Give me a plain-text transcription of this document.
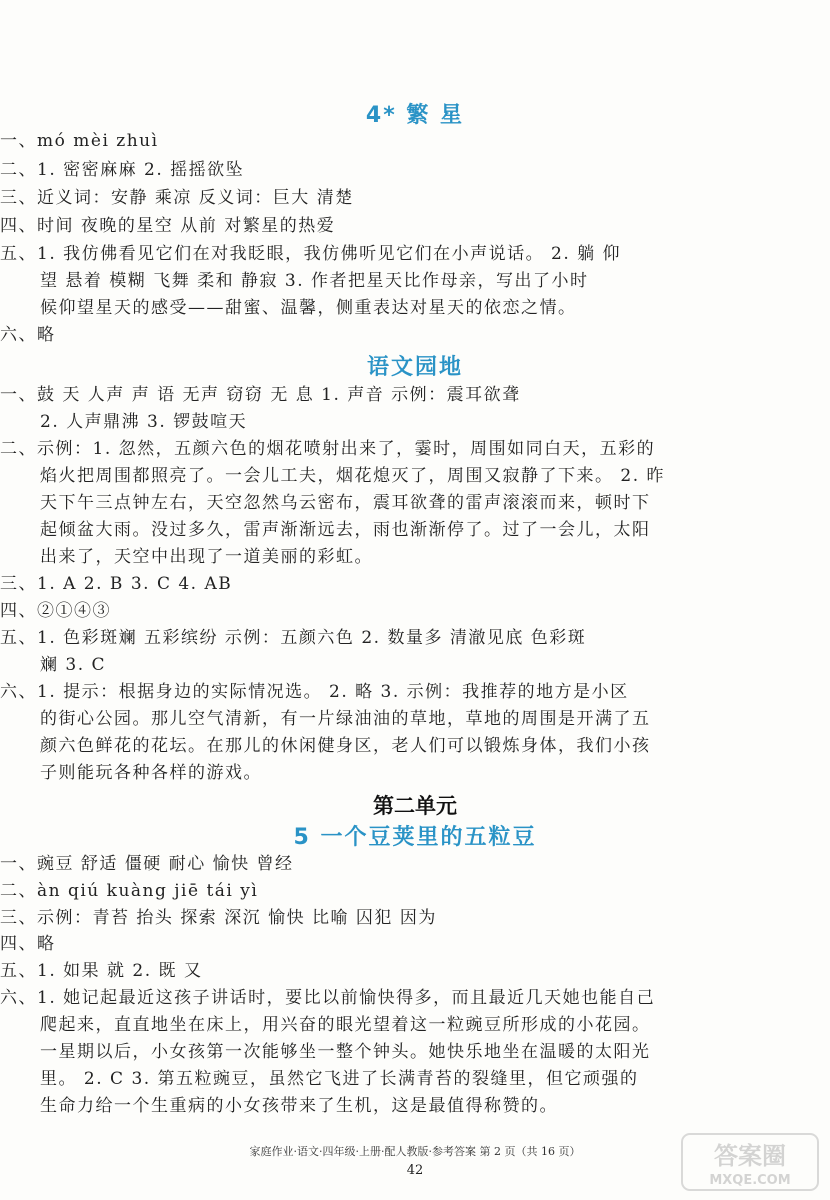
4* 繁 星
一、mó mèi zhuì
二、1. 密密麻麻 2. 摇摇欲坠
三、近义词：安静 乘凉 反义词：巨大 清楚
四、时间 夜晚的星空 从前 对繁星的热爱
五、1. 我仿佛看见它们在对我眨眼，我仿佛听见它们在小声说话。 2. 躺 仰
望 悬着 模糊 飞舞 柔和 静寂 3. 作者把星天比作母亲，写出了小时
候仰望星天的感受——甜蜜、温馨，侧重表达对星天的依恋之情。
六、略
语文园地
一、鼓 天 人声 声 语 无声 窃窃 无 息 1. 声音 示例：震耳欲聋
2. 人声鼎沸 3. 锣鼓喧天
二、示例：1. 忽然，五颜六色的烟花喷射出来了，霎时，周围如同白天，五彩的
焰火把周围都照亮了。一会儿工夫，烟花熄灭了，周围又寂静了下来。 2. 昨
天下午三点钟左右，天空忽然乌云密布，震耳欲聋的雷声滚滚而来，顿时下
起倾盆大雨。没过多久，雷声渐渐远去，雨也渐渐停了。过了一会儿，太阳
出来了，天空中出现了一道美丽的彩虹。
三、1. A 2. B 3. C 4. AB
四、②①④③
五、1. 色彩斑斓 五彩缤纷 示例：五颜六色 2. 数量多 清澈见底 色彩斑
斓 3. C
六、1. 提示：根据身边的实际情况选。 2. 略 3. 示例：我推荐的地方是小区
的街心公园。那儿空气清新，有一片绿油油的草地，草地的周围是开满了五
颜六色鲜花的花坛。在那儿的休闲健身区，老人们可以锻炼身体，我们小孩
子则能玩各种各样的游戏。
第二单元
5 一个豆荚里的五粒豆
一、豌豆 舒适 僵硬 耐心 愉快 曾经
二、àn qiú kuàng jiē tái yì
三、示例：青苔 抬头 探索 深沉 愉快 比喻 囚犯 因为
四、略
五、1. 如果 就 2. 既 又
六、1. 她记起最近这孩子讲话时，要比以前愉快得多，而且最近几天她也能自己
爬起来，直直地坐在床上，用兴奋的眼光望着这一粒豌豆所形成的小花园。
一星期以后，小女孩第一次能够坐一整个钟头。她快乐地坐在温暖的太阳光
里。 2. C 3. 第五粒豌豆，虽然它飞进了长满青苔的裂缝里，但它顽强的
生命力给一个生重病的小女孩带来了生机，这是最值得称赞的。
家庭作业·语文·四年级·上册·配人教版·参考答案 第 2 页（共 16 页）
42
答案圈
MXQE.COM
